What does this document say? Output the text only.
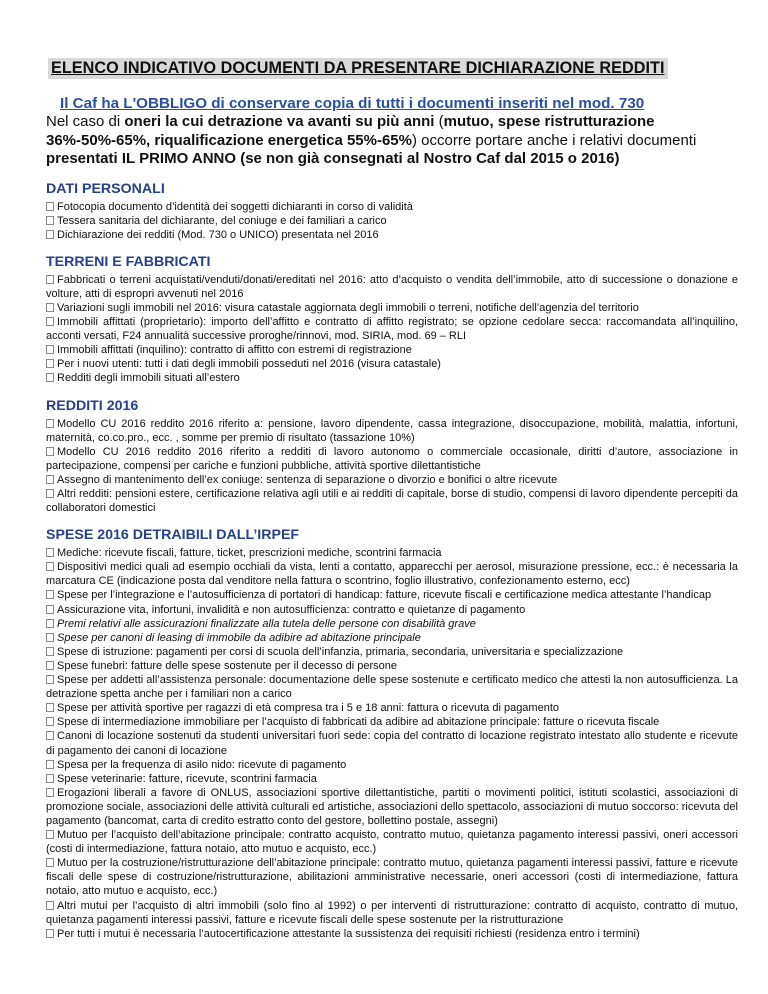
ELENCO INDICATIVO DOCUMENTI DA PRESENTARE DICHIARAZIONE REDDITI
Il Caf ha L'OBBLIGO di conservare copia di tutti i documenti inseriti nel mod. 730
Nel caso di oneri la cui detrazione va avanti su più anni (mutuo, spese ristrutturazione 36%-50%-65%, riqualificazione energetica 55%-65%) occorre portare anche i relativi documenti presentati IL PRIMO ANNO (se non già consegnati al Nostro Caf dal 2015 o 2016)
DATI PERSONALI
Fotocopia documento d’identità dei soggetti dichiaranti in corso di validità
Tessera sanitaria del dichiarante, del coniuge e dei familiari a carico
Dichiarazione dei redditi (Mod. 730 o UNICO) presentata nel 2016
TERRENI E FABBRICATI
Fabbricati o terreni acquistati/venduti/donati/ereditati nel 2016: atto d’acquisto o vendita dell’immobile, atto di successione o donazione e volture, atti di espropri avvenuti nel 2016
Variazioni sugli immobili nel 2016: visura catastale aggiornata degli immobili o terreni, notifiche dell’agenzia del territorio
Immobili affittati (proprietario): importo dell’affitto e contratto di affitto registrato; se opzione cedolare secca: raccomandata all’inquilino, acconti versati, F24 annualità successive proroghe/rinnovi, mod. SIRIA, mod. 69 – RLI
Immobili affittati (inquilino): contratto di affitto con estremi di registrazione
Per i nuovi utenti: tutti i dati degli immobili posseduti nel 2016 (visura catastale)
Redditi degli immobili situati all’estero
REDDITI 2016
Modello CU 2016 reddito 2016 riferito a: pensione, lavoro dipendente, cassa integrazione, disoccupazione, mobilità, malattia, infortuni, maternità, co.co.pro., ecc. , somme per premio di risultato (tassazione 10%)
Modello CU 2016 reddito 2016 riferito a redditi di lavoro autonomo o commerciale occasionale, diritti d’autore, associazione in partecipazione, compensi per cariche e funzioni pubbliche, attività sportive dilettantistiche
Assegno di mantenimento dell’ex coniuge: sentenza di separazione o divorzio e bonifici o altre ricevute
Altri redditi: pensioni estere, certificazione relativa agli utili e ai redditi di capitale, borse di studio, compensi di lavoro dipendente percepiti da collaboratori domestici
SPESE 2016 DETRAIBILI DALL’IRPEF
Mediche: ricevute fiscali, fatture, ticket, prescrizioni mediche, scontrini farmacia
Dispositivi medici quali ad esempio occhiali da vista, lenti a contatto, apparecchi per aerosol, misurazione pressione, ecc.: è necessaria la marcatura CE (indicazione posta dal venditore nella fattura o scontrino, foglio illustrativo, confezionamento esterno, ecc)
Spese per l’integrazione e l’autosufficienza di portatori di handicap: fatture, ricevute fiscali e certificazione medica attestante l’handicap
Assicurazione vita, infortuni, invalidità e non autosufficienza: contratto e quietanze di pagamento
Premi relativi alle assicurazioni finalizzate alla tutela delle persone con disabilità grave
Spese per canoni di leasing di immobile da adibire ad abitazione principale
Spese di istruzione: pagamenti per corsi di scuola dell’infanzia, primaria, secondaria, universitaria e specializzazione
Spese funebri: fatture delle spese sostenute per il decesso di persone
Spese per addetti all’assistenza personale: documentazione delle spese sostenute e certificato medico che attesti la non autosufficienza. La detrazione spetta anche per i familiari non a carico
Spese per attività sportive per ragazzi di età compresa tra i 5 e 18 anni: fattura o ricevuta di pagamento
Spese di intermediazione immobiliare per l’acquisto di fabbricati da adibire ad abitazione principale: fatture o ricevuta fiscale
Canoni di locazione sostenuti da studenti universitari fuori sede: copia del contratto di locazione registrato intestato allo studente e ricevute di pagamento dei canoni di locazione
Spesa per la frequenza di asilo nido: ricevute di pagamento
Spese veterinarie: fatture, ricevute, scontrini farmacia
Erogazioni liberali a favore di ONLUS, associazioni sportive dilettantistiche, partiti o movimenti politici, istituti scolastici, associazioni di promozione sociale, associazioni delle attività culturali ed artistiche, associazioni dello spettacolo, associazioni di mutuo soccorso: ricevuta del pagamento (bancomat, carta di credito estratto conto del gestore, bollettino postale, assegni)
Mutuo per l’acquisto dell’abitazione principale: contratto acquisto, contratto mutuo, quietanza pagamento interessi passivi, oneri accessori (costi di intermediazione, fattura notaio, atto mutuo e acquisto, ecc.)
Mutuo per la costruzione/ristrutturazione dell’abitazione principale: contratto mutuo, quietanza pagamenti interessi passivi, fatture e ricevute fiscali delle spese di costruzione/ristrutturazione, abilitazioni amministrative necessarie, oneri accessori (costi di intermediazione, fattura notaio, atto mutuo e acquisto, ecc.)
Altri mutui per l’acquisto di altri immobili (solo fino al 1992) o per interventi di ristrutturazione: contratto di acquisto, contratto di mutuo, quietanza pagamenti interessi passivi, fatture e ricevute fiscali delle spese sostenute per la ristrutturazione
Per tutti i mutui è necessaria l’autocertificazione attestante la sussistenza dei requisiti richiesti (residenza entro i termini)
